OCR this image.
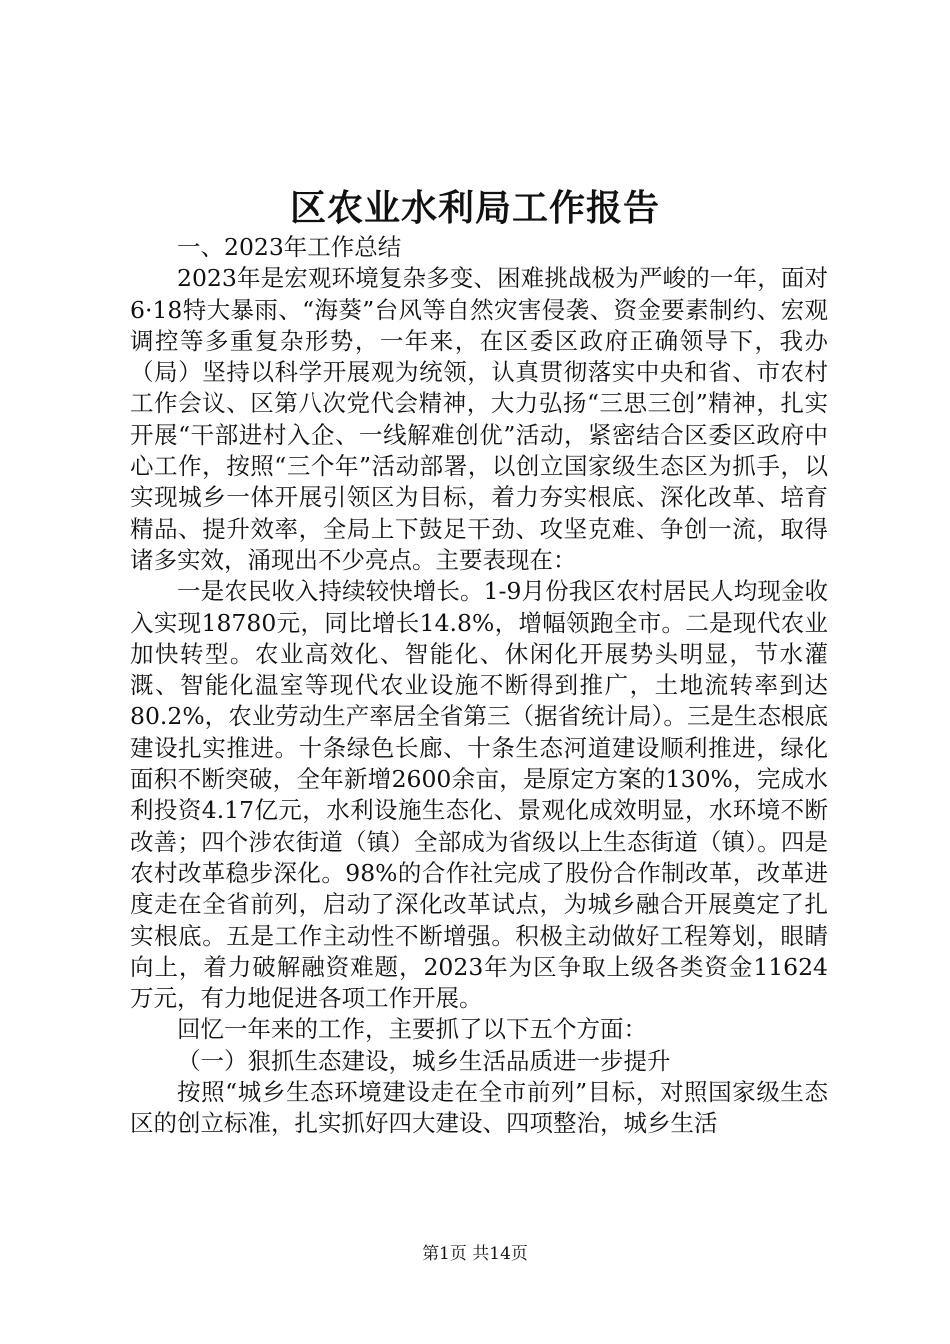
区农业水利局工作报告

一、2023年工作总结

2023年是宏观环境复杂多变、困难挑战极为严峻的一年，面对6·18特大暴雨、“海葵”台风等自然灾害侵袭、资金要素制约、宏观调控等多重复杂形势，一年来，在区委区政府正确领导下，我办（局）坚持以科学开展观为统领，认真贯彻落实中央和省、市农村工作会议、区第八次党代会精神，大力弘扬“三思三创”精神，扎实开展“干部进村入企、一线解难创优”活动，紧密结合区委区政府中心工作，按照“三个年”活动部署，以创立国家级生态区为抓手，以实现城乡一体开展引领区为目标，着力夯实根底、深化改革、培育精品、提升效率，全局上下鼓足干劲、攻坚克难、争创一流，取得诸多实效，涌现出不少亮点。主要表现在：

一是农民收入持续较快增长。1-9月份我区农村居民人均现金收入实现18780元，同比增长14.8%，增幅领跑全市。二是现代农业加快转型。农业高效化、智能化、休闲化开展势头明显，节水灌溉、智能化温室等现代农业设施不断得到推广，土地流转率到达80.2%，农业劳动生产率居全省第三（据省统计局）。三是生态根底建设扎实推进。十条绿色长廊、十条生态河道建设顺利推进，绿化面积不断突破，全年新增2600余亩，是原定方案的130%，完成水利投资4.17亿元，水利设施生态化、景观化成效明显，水环境不断改善；四个涉农街道（镇）全部成为省级以上生态街道（镇）。四是农村改革稳步深化。98%的合作社完成了股份合作制改革，改革进度走在全省前列，启动了深化改革试点，为城乡融合开展奠定了扎实根底。五是工作主动性不断增强。积极主动做好工程筹划，眼睛向上，着力破解融资难题，2023年为区争取上级各类资金11624万元，有力地促进各项工作开展。

回忆一年来的工作，主要抓了以下五个方面：

（一）狠抓生态建设，城乡生活品质进一步提升

按照“城乡生态环境建设走在全市前列”目标，对照国家级生态区的创立标准，扎实抓好四大建设、四项整治，城乡生活

第1页 共14页
